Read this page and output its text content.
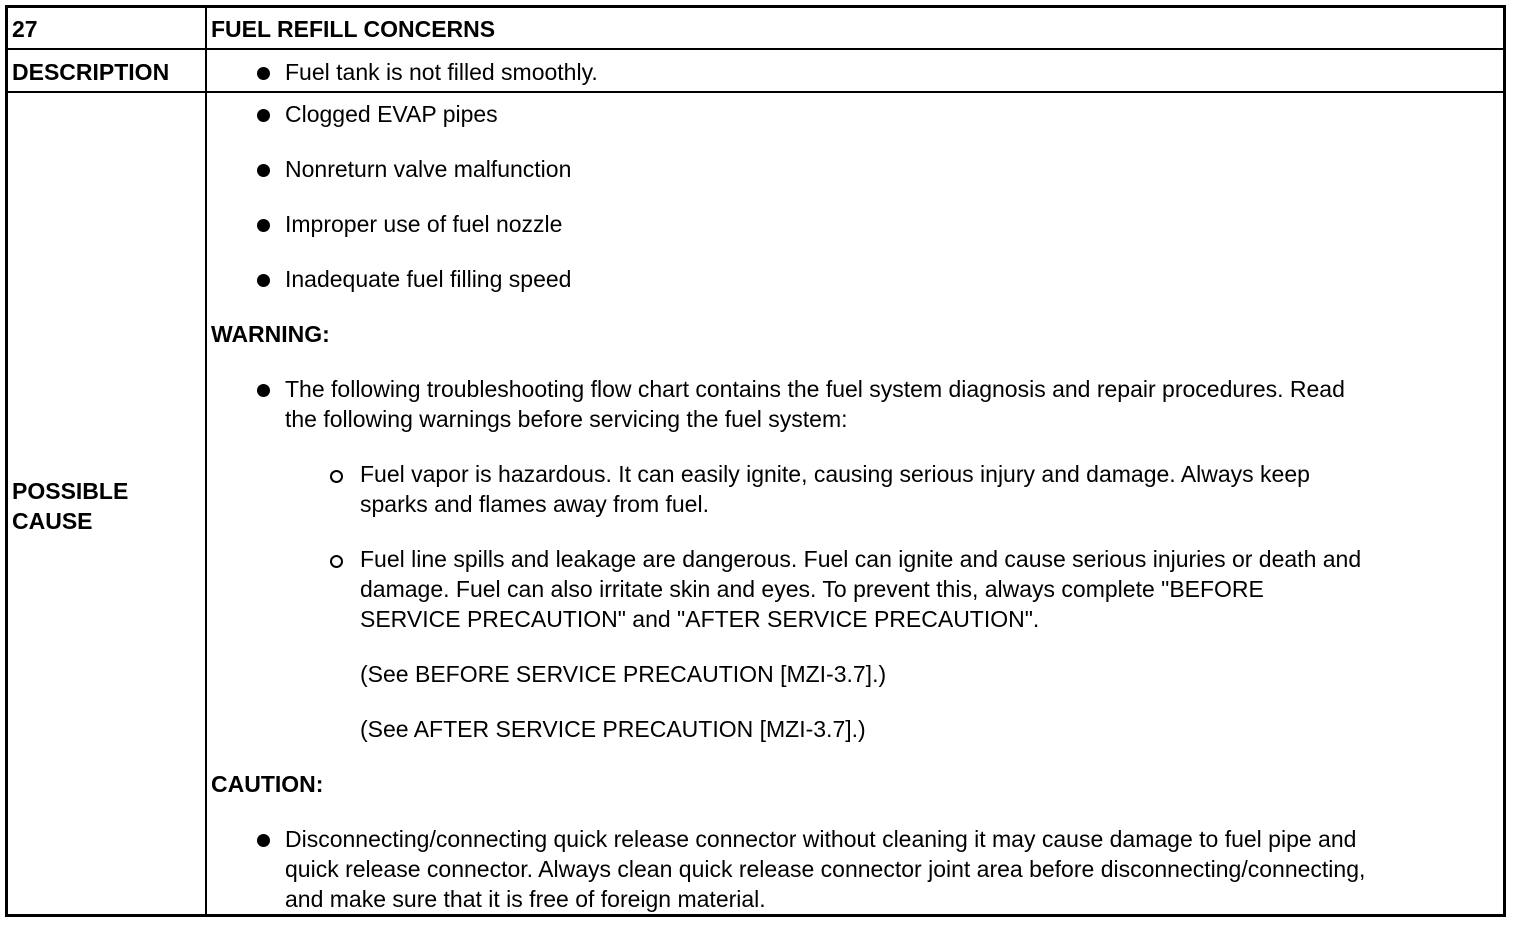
27	FUEL REFILL CONCERNS
DESCRIPTION	Fuel tank is not filled smoothly.
POSSIBLE
CAUSE
Clogged EVAP pipes
Nonreturn valve malfunction
Improper use of fuel nozzle
Inadequate fuel filling speed
WARNING:
The following troubleshooting flow chart contains the fuel system diagnosis and repair procedures. Read
the following warnings before servicing the fuel system:
Fuel vapor is hazardous. It can easily ignite, causing serious injury and damage. Always keep
sparks and flames away from fuel.
Fuel line spills and leakage are dangerous. Fuel can ignite and cause serious injuries or death and
damage. Fuel can also irritate skin and eyes. To prevent this, always complete "BEFORE
SERVICE PRECAUTION" and "AFTER SERVICE PRECAUTION".
(See BEFORE SERVICE PRECAUTION [MZI-3.7].)
(See AFTER SERVICE PRECAUTION [MZI-3.7].)
CAUTION:
Disconnecting/connecting quick release connector without cleaning it may cause damage to fuel pipe and
quick release connector. Always clean quick release connector joint area before disconnecting/connecting,
and make sure that it is free of foreign material.
